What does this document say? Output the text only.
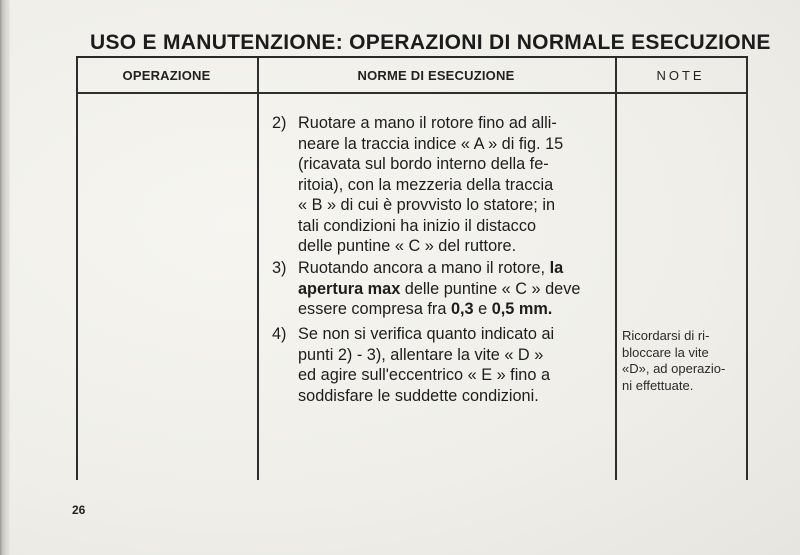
USO E MANUTENZIONE: OPERAZIONI DI NORMALE ESECUZIONE
OPERAZIONE	NORME DI ESECUZIONE	NOTE
2) Ruotare a mano il rotore fino ad alli-
neare la traccia indice « A » di fig. 15
(ricavata sul bordo interno della fe-
ritoia), con la mezzeria della traccia
« B » di cui è provvisto lo statore; in
tali condizioni ha inizio il distacco
delle puntine « C » del ruttore.
3) Ruotando ancora a mano il rotore, la
apertura max delle puntine « C » deve
essere compresa fra 0,3 e 0,5 mm.
4) Se non si verifica quanto indicato ai
punti 2) - 3), allentare la vite « D »
ed agire sull'eccentrico « E » fino a
soddisfare le suddette condizioni.
Ricordarsi di ri-
bloccare la vite
«D», ad operazio-
ni effettuate.
26
